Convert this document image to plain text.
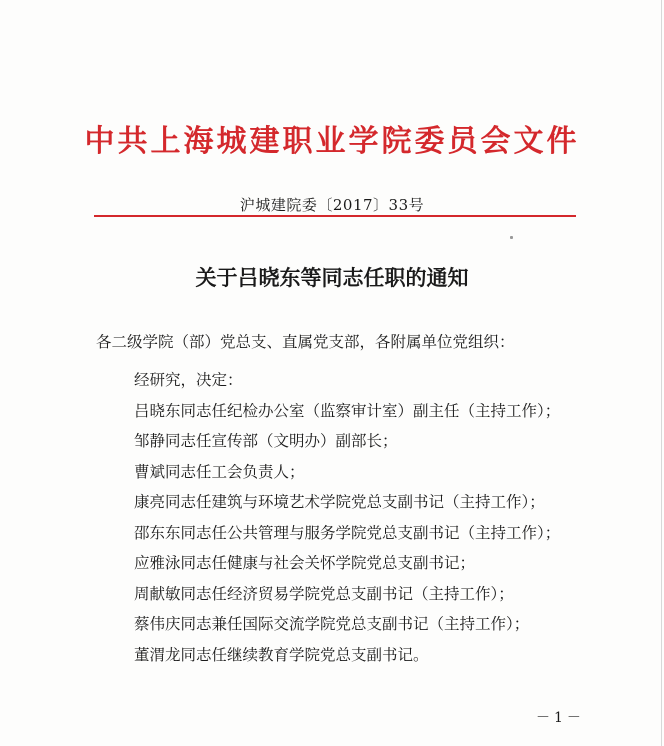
中共上海城建职业学院委员会文件
沪城建院委〔2017〕33号
关于吕晓东等同志任职的通知
各二级学院（部）党总支、直属党支部，各附属单位党组织：
经研究，决定：
吕晓东同志任纪检办公室（监察审计室）副主任（主持工作）；
邹静同志任宣传部（文明办）副部长；
曹斌同志任工会负责人；
康亮同志任建筑与环境艺术学院党总支副书记（主持工作）；
邵东东同志任公共管理与服务学院党总支副书记（主持工作）；
应雅泳同志任健康与社会关怀学院党总支副书记；
周献敏同志任经济贸易学院党总支副书记（主持工作）；
蔡伟庆同志兼任国际交流学院党总支副书记（主持工作）；
董渭龙同志任继续教育学院党总支副书记。
－1－
